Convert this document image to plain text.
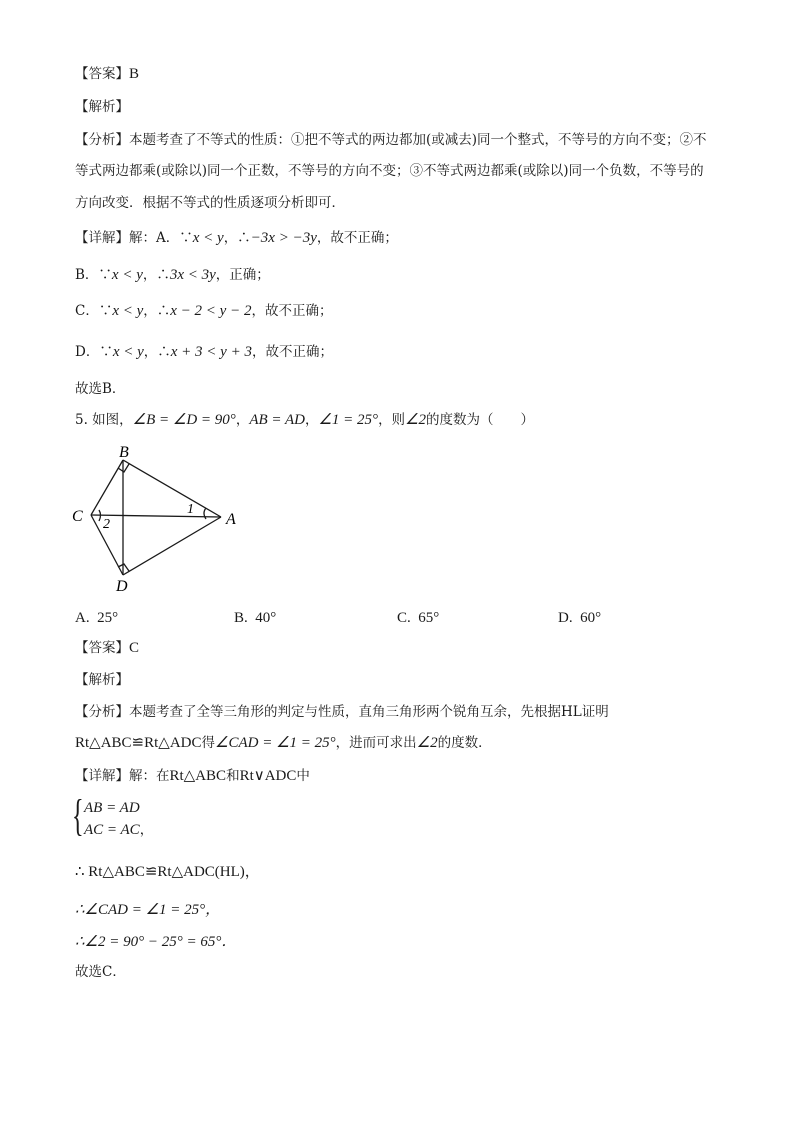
【答案】B
【解析】
【分析】本题考查了不等式的性质：①把不等式的两边都加(或减去)同一个整式，不等号的方向不变；②不
等式两边都乘(或除以)同一个正数，不等号的方向不变；③不等式两边都乘(或除以)同一个负数，不等号的
方向改变．根据不等式的性质逐项分析即可．
【详解】解：A．∵x < y，∴−3x > −3y，故不正确；
B．∵x < y，∴3x < 3y，正确；
C．∵x < y，∴x − 2 < y − 2，故不正确；
D．∵x < y，∴x + 3 < y + 3，故不正确；
故选B．
5. 如图，∠B = ∠D = 90°，AB = AD，∠1 = 25°，则∠2的度数为（　　）
B
C	A
D
1
2
A. 25°	B. 40°	C. 65°	D. 60°
【答案】C
【解析】
【分析】本题考查了全等三角形的判定与性质，直角三角形两个锐角互余，先根据HL证明
Rt△ABC≌Rt△ADC得∠CAD = ∠1 = 25°，进而可求出∠2的度数．
【详解】解：在Rt△ABC和Rt∨ADC中
{ AB = AD
AC = AC，
∴ Rt△ABC≌Rt△ADC(HL)，
∴∠CAD = ∠1 = 25°，
∴∠2 = 90° − 25° = 65°．
故选C．
